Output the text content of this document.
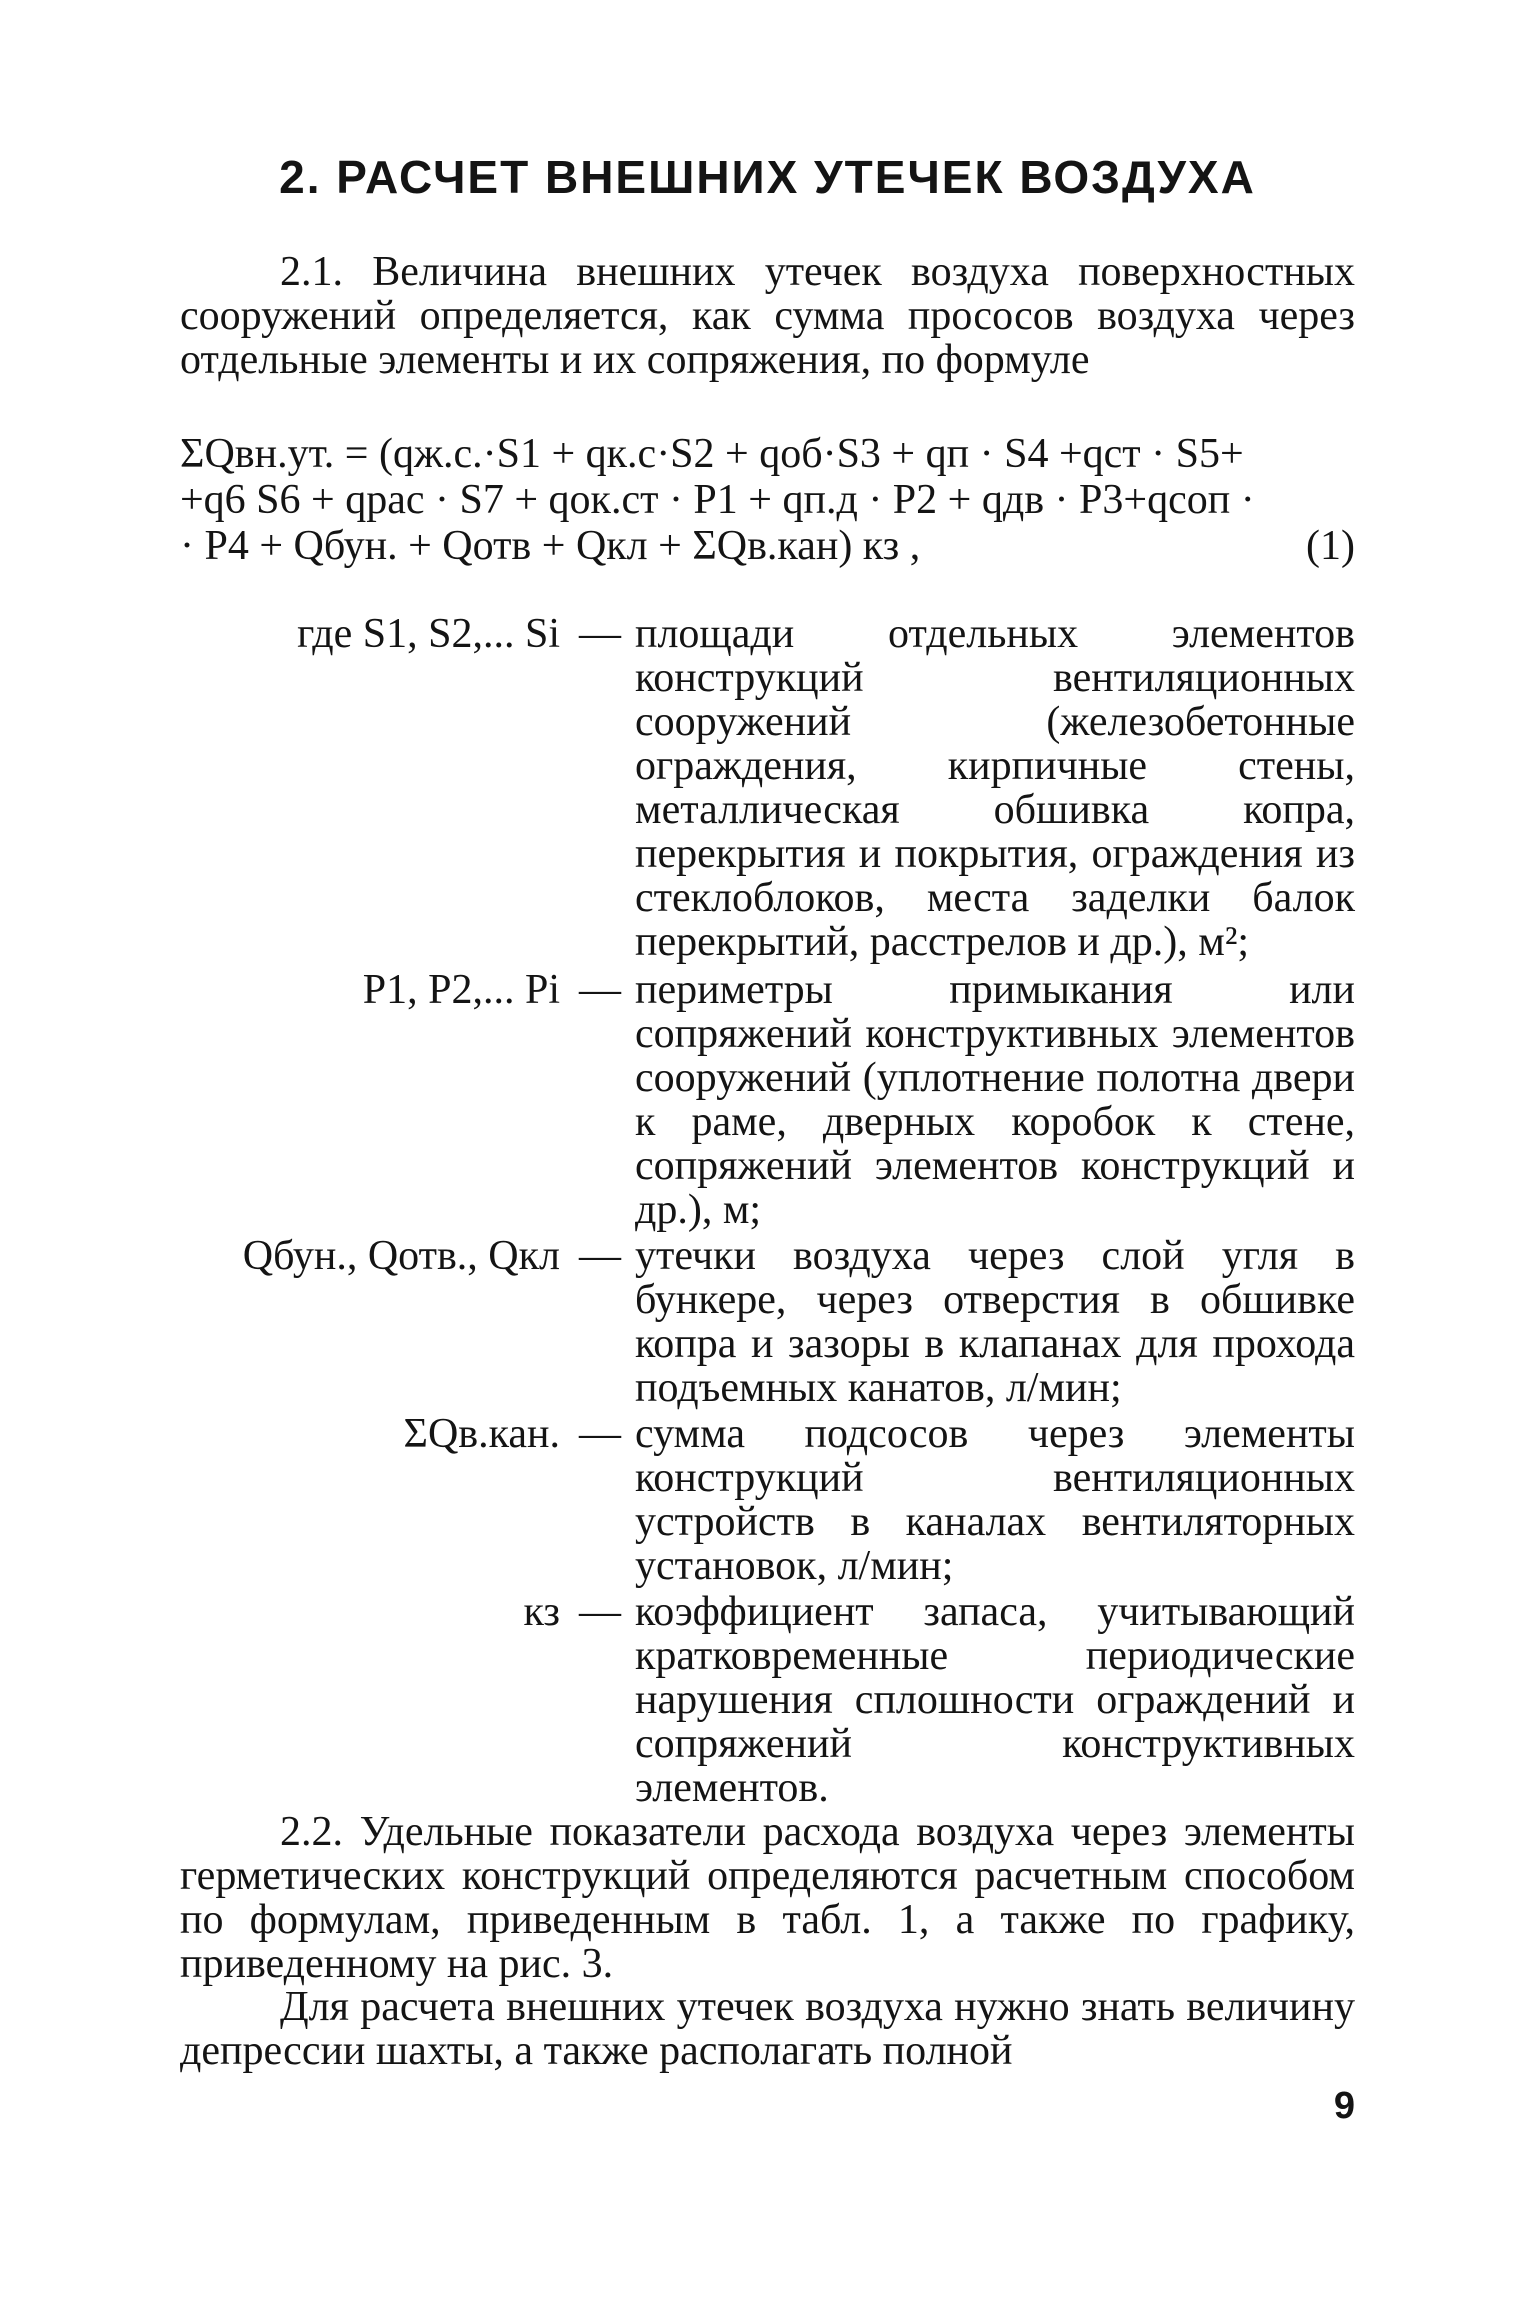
2. РАСЧЕТ ВНЕШНИХ УТЕЧЕК ВОЗДУХА
2.1. Величина внешних утечек воздуха поверхностных сооружений определяется, как сумма прососов воздуха через отдельные элементы и их сопряжения, по формуле
ΣQвн.ут. = (qж.с.·S1 + qк.с·S2 + qоб·S3 + qп · S4 +qст · S5+
+q6 S6 + qрас · S7 + qок.ст · P1 + qп.д · P2 + qдв · P3+qсоп ·
· P4 + Qбун. + Qотв + Qкл + ΣQв.кан) кз ,	(1)
где S1, S2,... Si — площади отдельных элементов конструкций вентиляционных сооружений (железобетонные ограждения, кирпичные стены, металлическая обшивка копра, перекрытия и покрытия, ограждения из стеклоблоков, места заделки балок перекрытий, расстрелов и др.), м²;
P1, P2,... Pi — периметры примыкания или сопряжений конструктивных элементов сооружений (уплотнение полотна двери к раме, дверных коробок к стене, сопряжений элементов конструкций и др.), м;
Qбун., Qотв., Qкл — утечки воздуха через слой угля в бункере, через отверстия в обшивке копра и зазоры в клапанах для прохода подъемных канатов, л/мин;
ΣQв.кан. — сумма подсосов через элементы конструкций вентиляционных устройств в каналах вентиляторных установок, л/мин;
кз — коэффициент запаса, учитывающий кратковременные периодические нарушения сплошности ограждений и сопряжений конструктивных элементов.
2.2. Удельные показатели расхода воздуха через элементы герметических конструкций определяются расчетным способом по формулам, приведенным в табл. 1, а также по графику, приведенному на рис. 3.
Для расчета внешних утечек воздуха нужно знать величину депрессии шахты, а также располагать полной
9
